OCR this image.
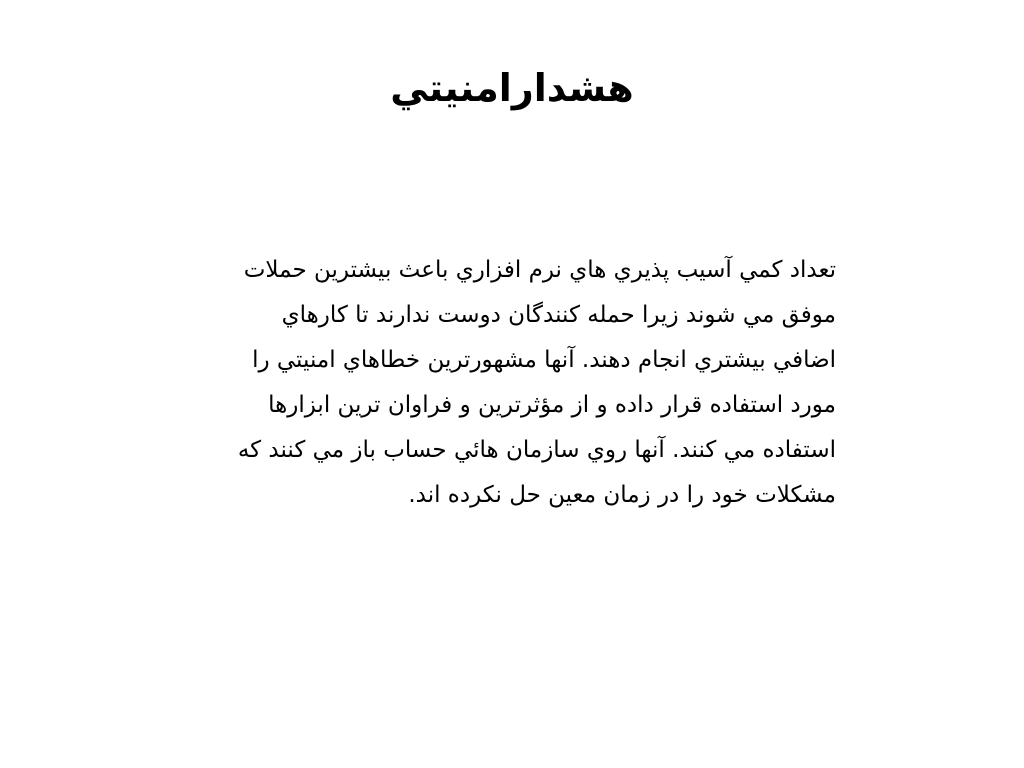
هشدارامنيتي
تعداد کمي آسيب پذيري هاي نرم افزاري باعث بيشترين حملات
موفق مي شوند زيرا حمله کنندگان دوست ندارند تا کارهاي
اضافي بيشتري انجام دهند. آنها مشهورترين خطاهاي امنيتي را
مورد استفاده قرار داده و از مؤثرترين و فراوان ترين ابزارها
استفاده مي کنند. آنها روي سازمان هائي حساب باز مي کنند که
مشکلات خود را در زمان معين حل نکرده اند.
